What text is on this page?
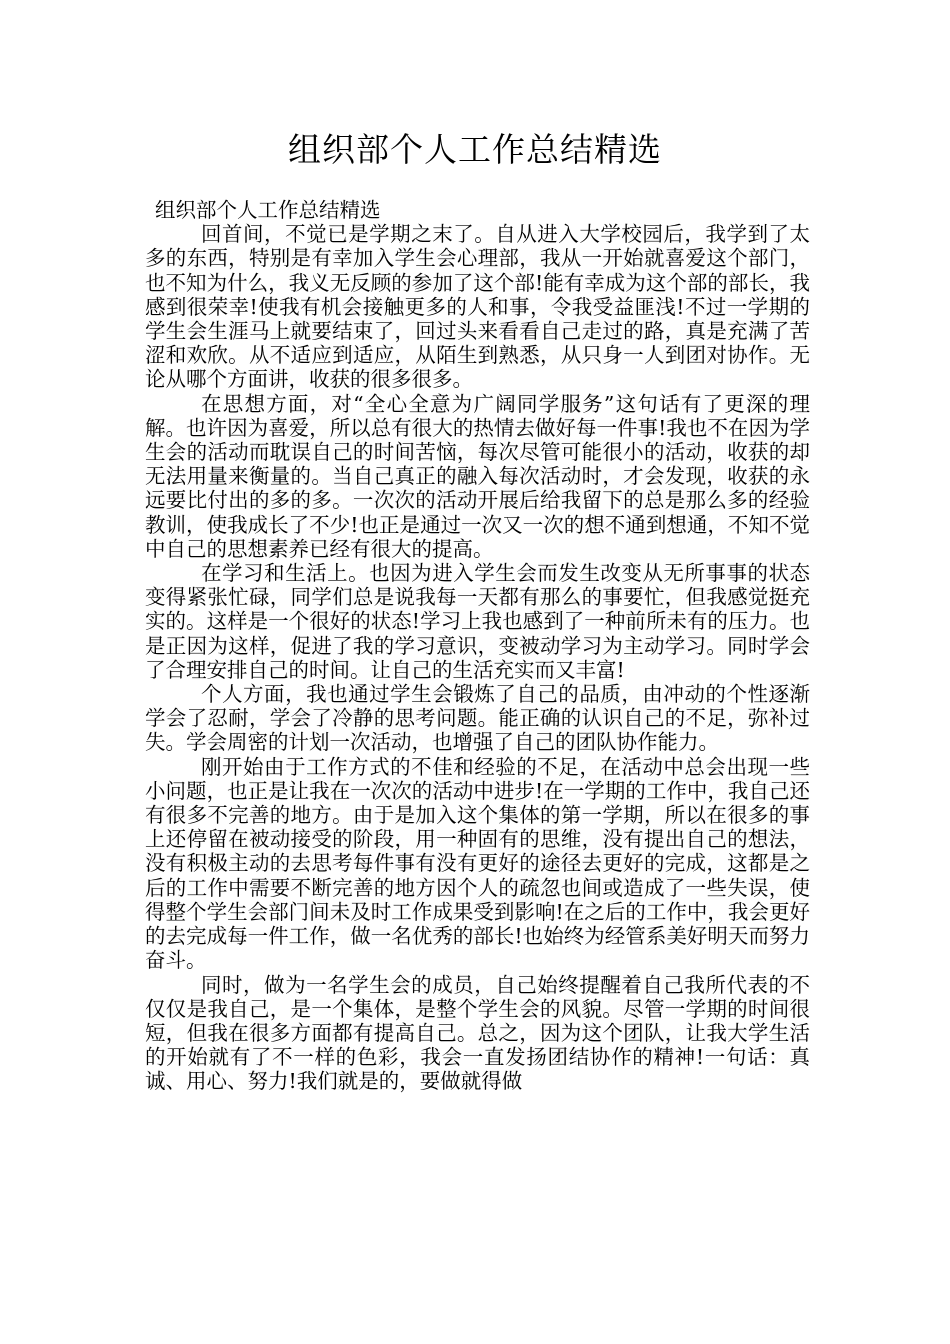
组织部个人工作总结精选

组织部个人工作总结精选

回首间，不觉已是学期之末了。自从进入大学校园后，我学到了太多的东西，特别是有幸加入学生会心理部，我从一开始就喜爱这个部门，也不知为什么，我义无反顾的参加了这个部!能有幸成为这个部的部长，我感到很荣幸!使我有机会接触更多的人和事，令我受益匪浅!不过一学期的学生会生涯马上就要结束了，回过头来看看自己走过的路，真是充满了苦涩和欢欣。从不适应到适应，从陌生到熟悉，从只身一人到团对协作。无论从哪个方面讲，收获的很多很多。

在思想方面，对“全心全意为广阔同学服务”这句话有了更深的理解。也许因为喜爱，所以总有很大的热情去做好每一件事!我也不在因为学生会的活动而耽误自己的时间苦恼，每次尽管可能很小的活动，收获的却无法用量来衡量的。当自己真正的融入每次活动时，才会发现，收获的永远要比付出的多的多。一次次的活动开展后给我留下的总是那么多的经验教训，使我成长了不少!也正是通过一次又一次的想不通到想通，不知不觉中自己的思想素养已经有很大的提高。

在学习和生活上。也因为进入学生会而发生改变从无所事事的状态变得紧张忙碌，同学们总是说我每一天都有那么的事要忙，但我感觉挺充实的。这样是一个很好的状态!学习上我也感到了一种前所未有的压力。也是正因为这样，促进了我的学习意识，变被动学习为主动学习。同时学会了合理安排自己的时间。让自己的生活充实而又丰富!

个人方面，我也通过学生会锻炼了自己的品质，由冲动的个性逐渐学会了忍耐，学会了冷静的思考问题。能正确的认识自己的不足，弥补过失。学会周密的计划一次活动，也增强了自己的团队协作能力。

刚开始由于工作方式的不佳和经验的不足，在活动中总会出现一些小问题，也正是让我在一次次的活动中进步!在一学期的工作中，我自己还有很多不完善的地方。由于是加入这个集体的第一学期，所以在很多的事上还停留在被动接受的阶段，用一种固有的思维，没有提出自己的想法，没有积极主动的去思考每件事有没有更好的途径去更好的完成，这都是之后的工作中需要不断完善的地方因个人的疏忽也间或造成了一些失误，使得整个学生会部门间未及时工作成果受到影响!在之后的工作中，我会更好的去完成每一件工作，做一名优秀的部长!也始终为经管系美好明天而努力奋斗。

同时，做为一名学生会的成员，自己始终提醒着自己我所代表的不仅仅是我自己，是一个集体，是整个学生会的风貌。尽管一学期的时间很短，但我在很多方面都有提高自己。总之，因为这个团队，让我大学生活的开始就有了不一样的色彩，我会一直发扬团结协作的精神!一句话：真诚、用心、努力!我们就是的，要做就得做
